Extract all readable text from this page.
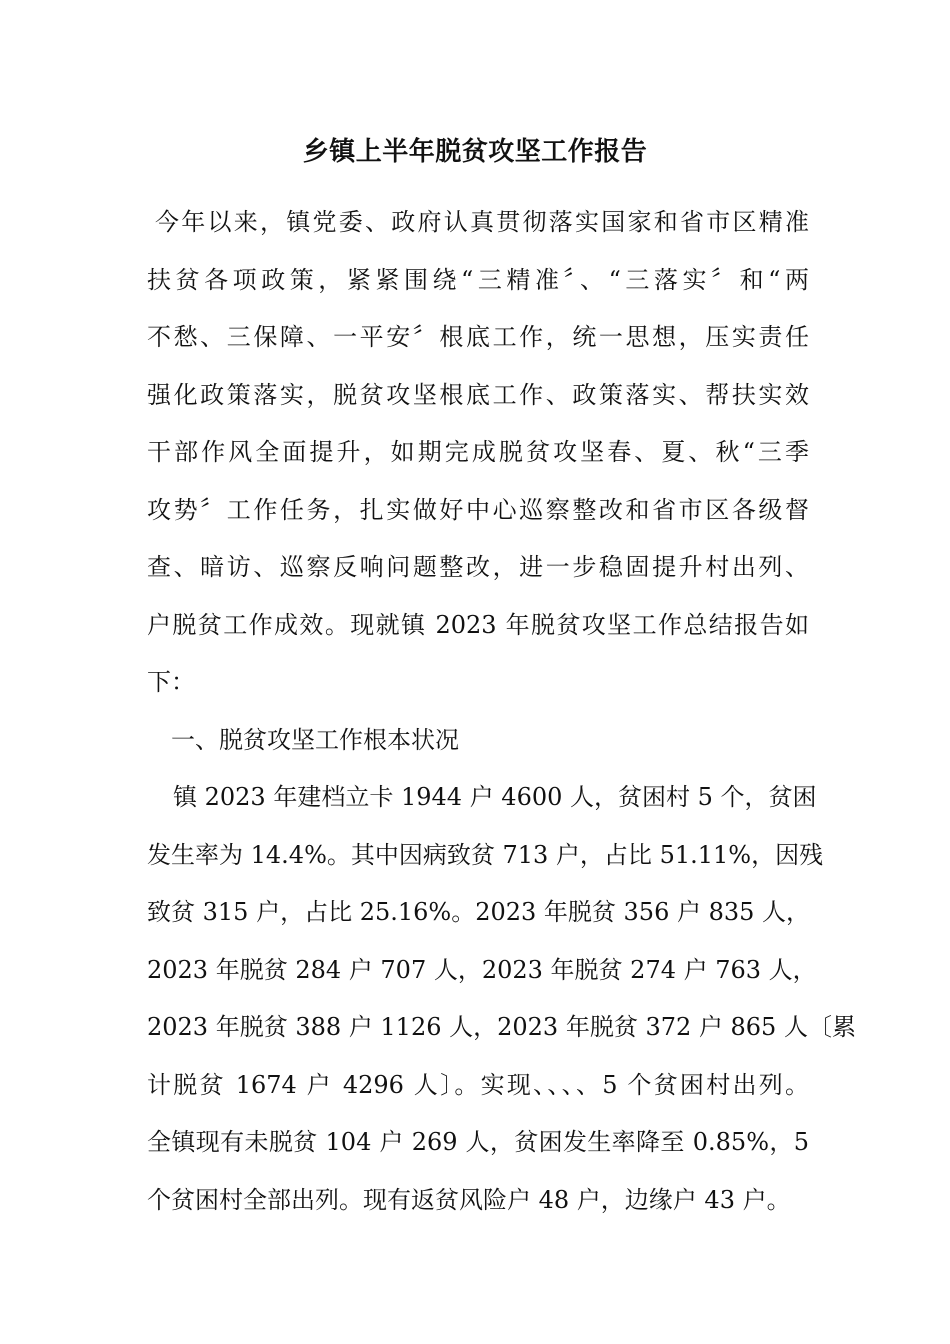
乡镇上半年脱贫攻坚工作报告
今年以来，镇党委、政府认真贯彻落实国家和省市区精准
扶贫各项政策，紧紧围绕“三精准〞、“三落实〞和“两
不愁、三保障、一平安〞根底工作，统一思想，压实责任
强化政策落实，脱贫攻坚根底工作、政策落实、帮扶实效
干部作风全面提升，如期完成脱贫攻坚春、夏、秋“三季
攻势〞工作任务，扎实做好中心巡察整改和省市区各级督
查、暗访、巡察反响问题整改，进一步稳固提升村出列、
户脱贫工作成效。现就镇 2023 年脱贫攻坚工作总结报告如
下：
一、脱贫攻坚工作根本状况
镇 2023 年建档立卡 1944 户 4600 人，贫困村 5 个，贫困
发生率为 14.4%。其中因病致贫 713 户，占比 51.11%，因残
致贫 315 户，占比 25.16%。2023 年脱贫 356 户 835 人，
2023 年脱贫 284 户 707 人，2023 年脱贫 274 户 763 人，
2023 年脱贫 388 户 1126 人，2023 年脱贫 372 户 865 人〔累
计脱贫 1674 户 4296 人〕。实现、、、、5 个贫困村出列。
全镇现有未脱贫 104 户 269 人，贫困发生率降至 0.85%，5
个贫困村全部出列。现有返贫风险户 48 户，边缘户 43 户。
